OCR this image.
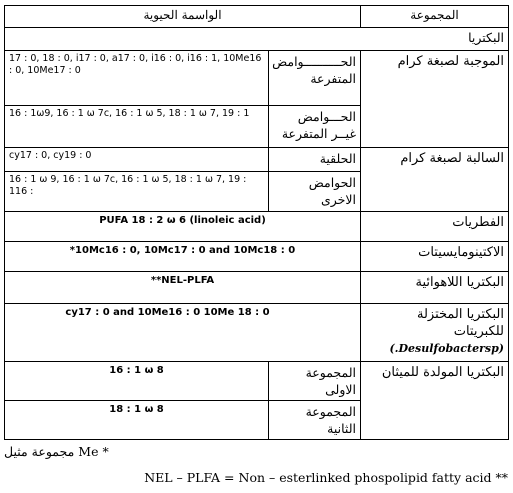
المجموعة	الواسمة الحيوية	
البكتريا		
الموجبة لصبغة كرام	الحــــــــــوامض المتفرعة	17 : 0, 18 : 0, i17 : 0, a17 : 0, i16 : 0, i16 : 1, 10Me16 : 0, 10Me17 : 0
	الحـــوامض غيــر المتفرعة	16 : 1ω9, 16 : 1 ω 7c, 16 : 1 ω 5, 18 : 1 ω 7, 19 : 1
السالبة لصبغة كرام	الحلقية	cy17 : 0, cy19 : 0
	الحوامض الاخرى	16 : 1 ω 9, 16 : 1 ω 7c, 16 : 1 ω 5, 18 : 1 ω 7, 19 : 116 :
الفطريات	PUFA 18 : 2 ω 6 (linoleic acid)	
الاكتينومايسيتات	*10Mc16 : 0, 10Mc17 : 0 and 10Mc18 : 0	
البكتريا اللاهوائية	**NEL-PLFA	

البكتريا المختزلة للكبريتات
(Desulfobactersp.)	cy17 : 0 and 10Me16 : 0 10Me 18 : 0	
البكتريا المولدة للميثان	المجموعة الاولى	16 : 1 ω 8
	المجموعة الثانية	18 : 1 ω 8
* Me مجموعة مثيل
NEL – PLFA = Non – esterlinked phospolipid fatty acid **
